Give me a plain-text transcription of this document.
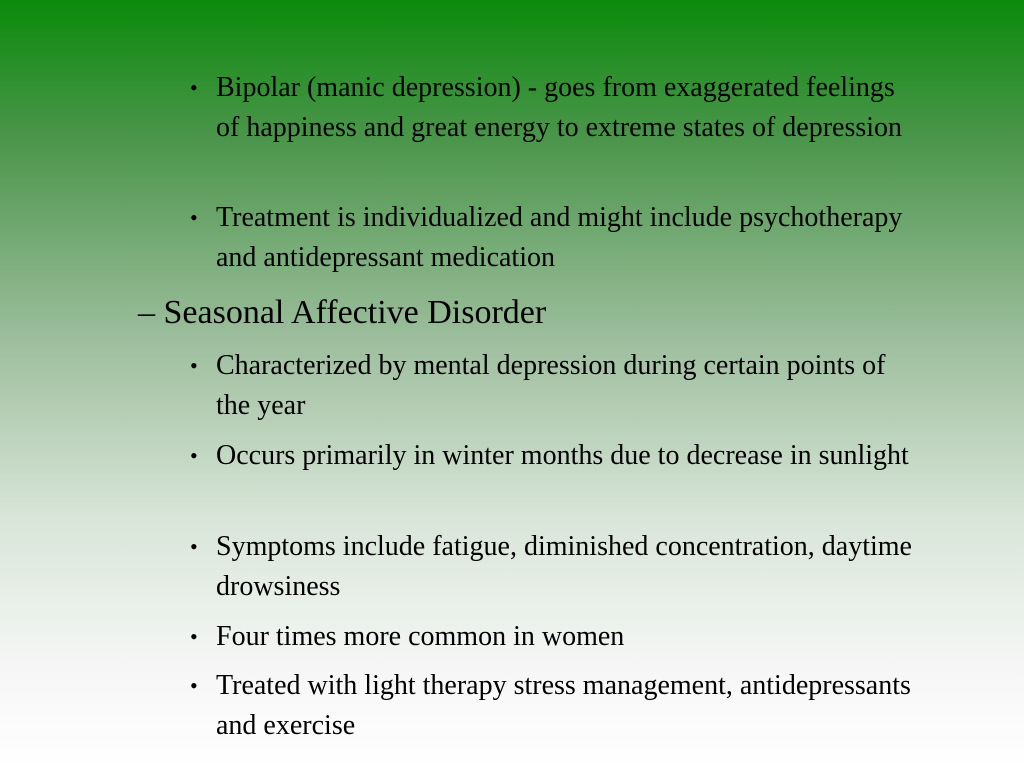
• Bipolar (manic depression) - goes from exaggerated feelings of happiness and great energy to extreme states of depression
• Treatment is individualized and might include psychotherapy and antidepressant medication
– Seasonal Affective Disorder
• Characterized by mental depression during certain points of the year
• Occurs primarily in winter months due to decrease in sunlight
• Symptoms include fatigue, diminished concentration, daytime drowsiness
• Four times more common in women
• Treated with light therapy stress management, antidepressants and exercise
